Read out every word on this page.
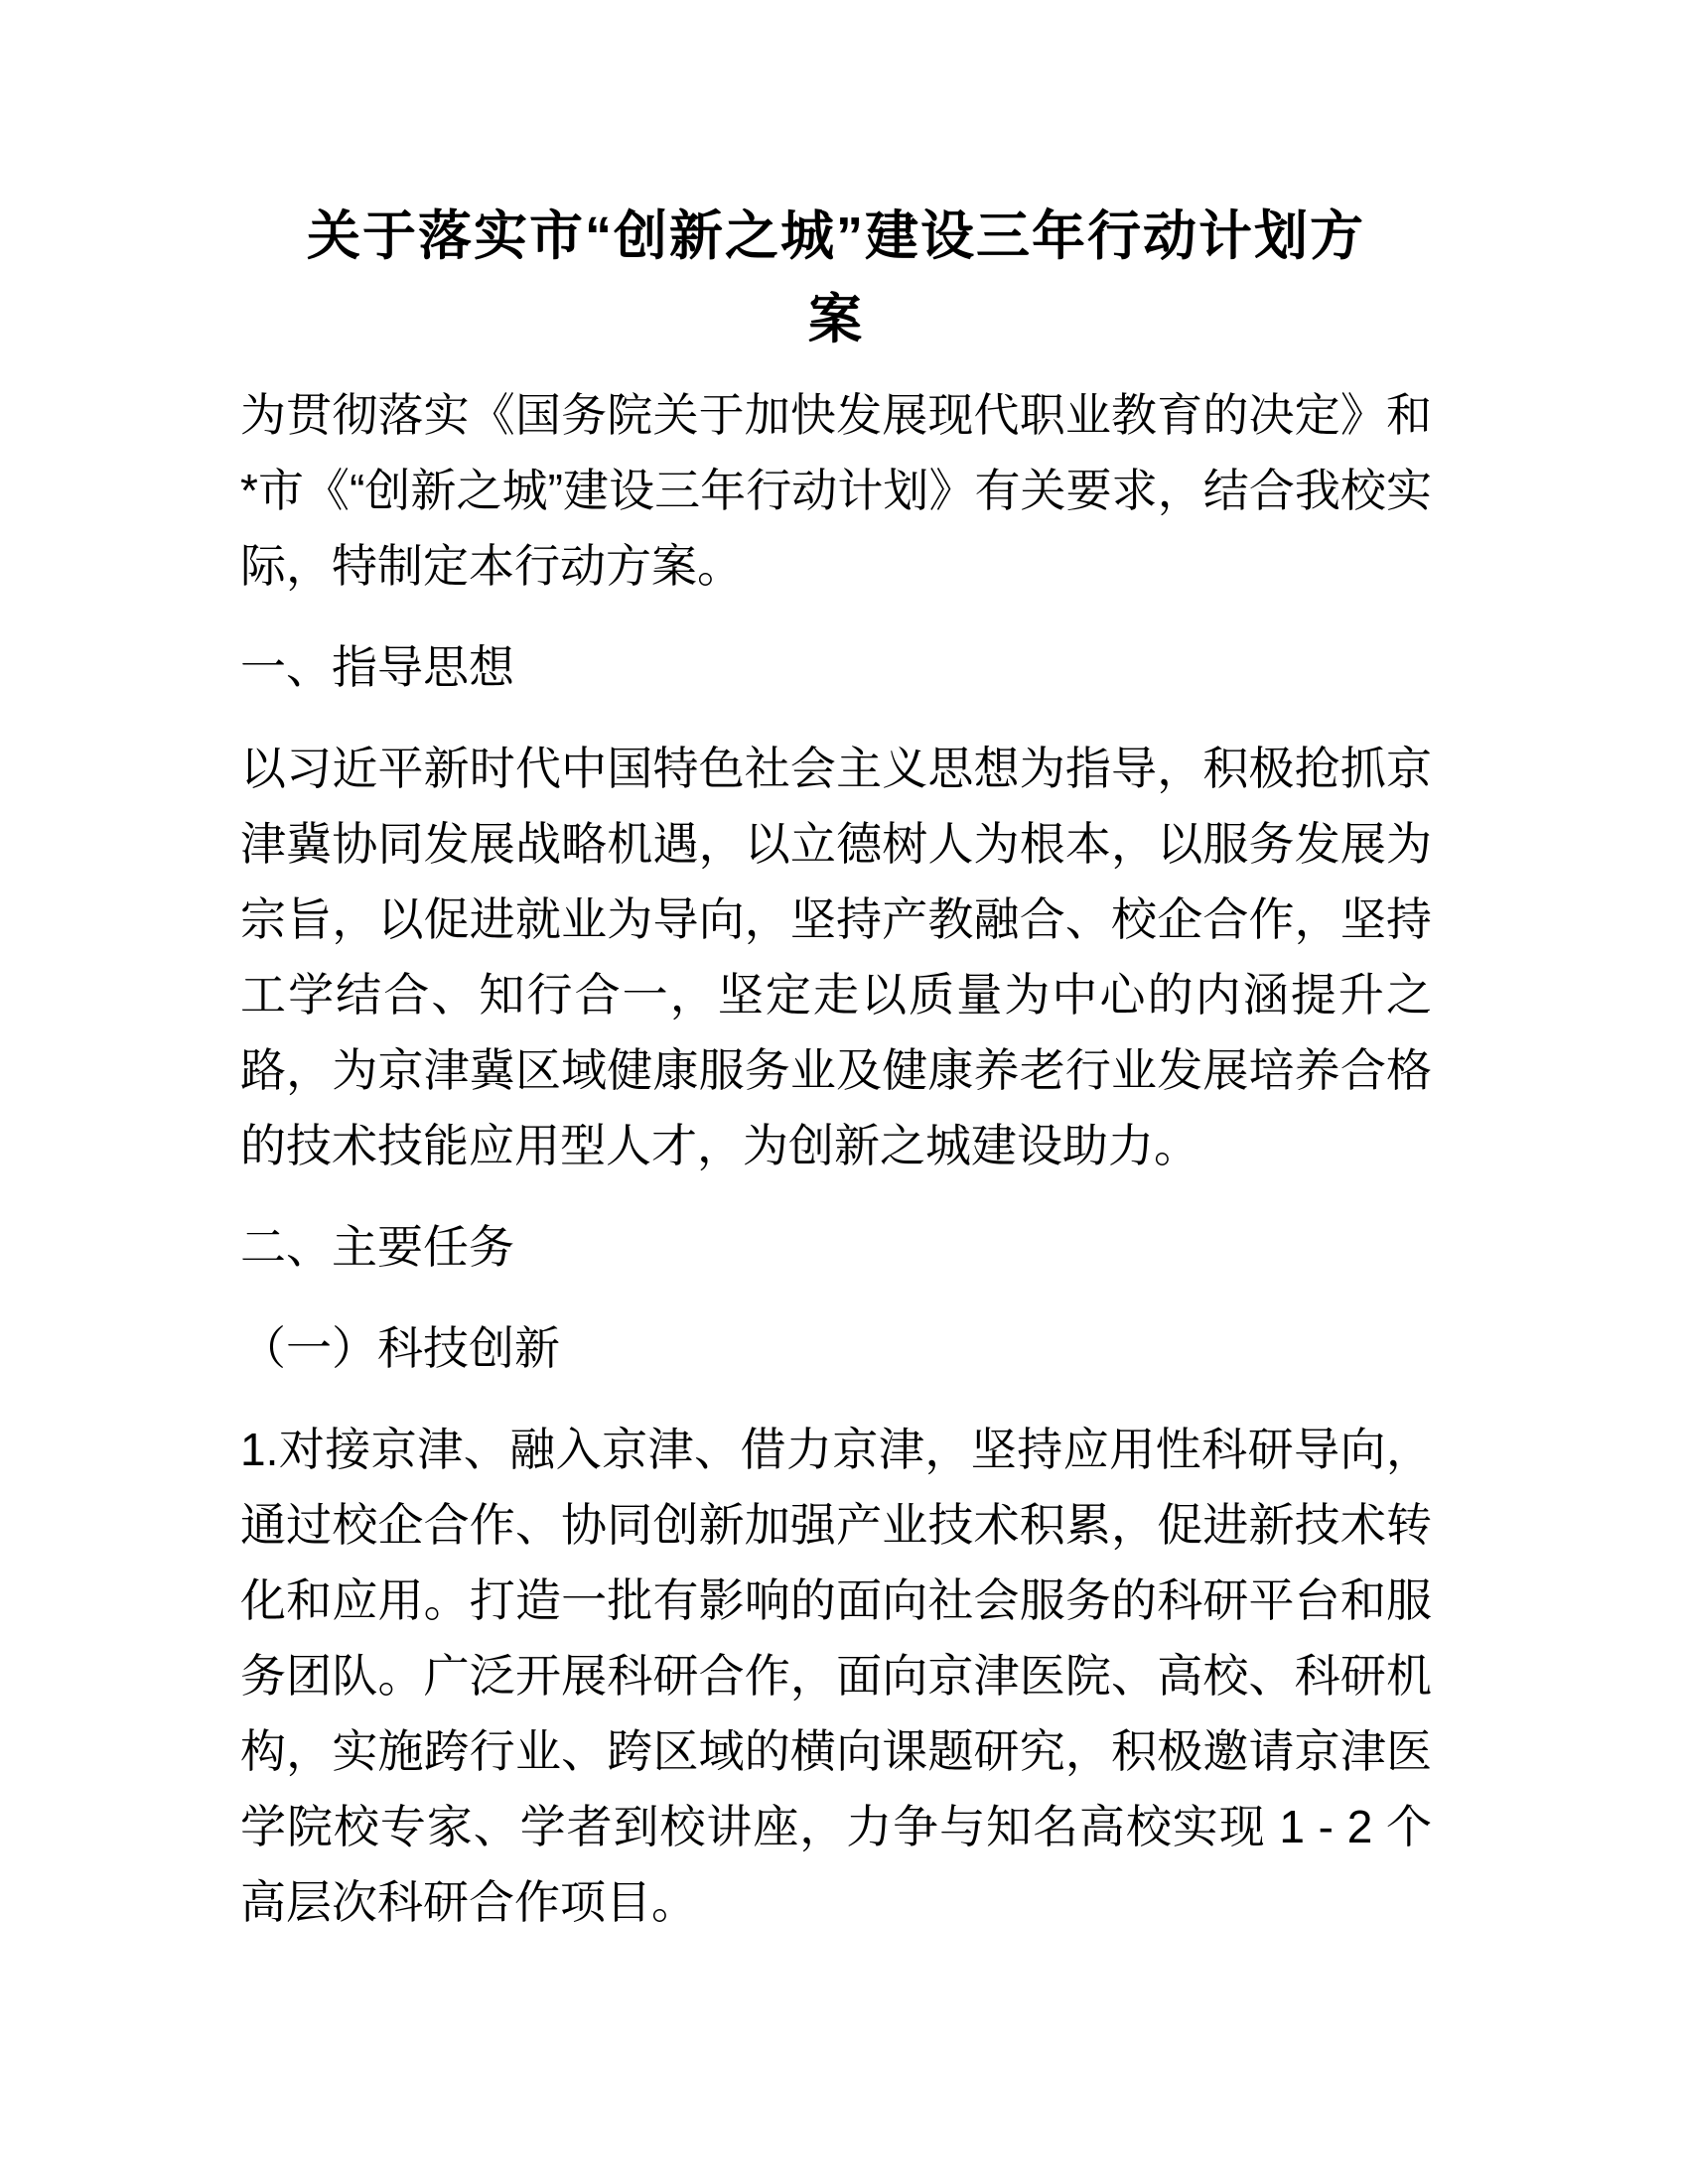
关于落实市“创新之城”建设三年行动计划方
案

为贯彻落实《国务院关于加快发展现代职业教育的决定》和*市《“创新之城”建设三年行动计划》有关要求，结合我校实际，特制定本行动方案。

一、指导思想

以习近平新时代中国特色社会主义思想为指导，积极抢抓京津冀协同发展战略机遇，以立德树人为根本，以服务发展为宗旨，以促进就业为导向，坚持产教融合、校企合作，坚持工学结合、知行合一，坚定走以质量为中心的内涵提升之路，为京津冀区域健康服务业及健康养老行业发展培养合格的技术技能应用型人才，为创新之城建设助力。

二、主要任务

（一）科技创新

1.对接京津、融入京津、借力京津，坚持应用性科研导向，通过校企合作、协同创新加强产业技术积累，促进新技术转化和应用。打造一批有影响的面向社会服务的科研平台和服务团队。广泛开展科研合作，面向京津医院、高校、科研机构，实施跨行业、跨区域的横向课题研究，积极邀请京津医学院校专家、学者到校讲座，力争与知名高校实现 1 - 2 个高层次科研合作项目。
